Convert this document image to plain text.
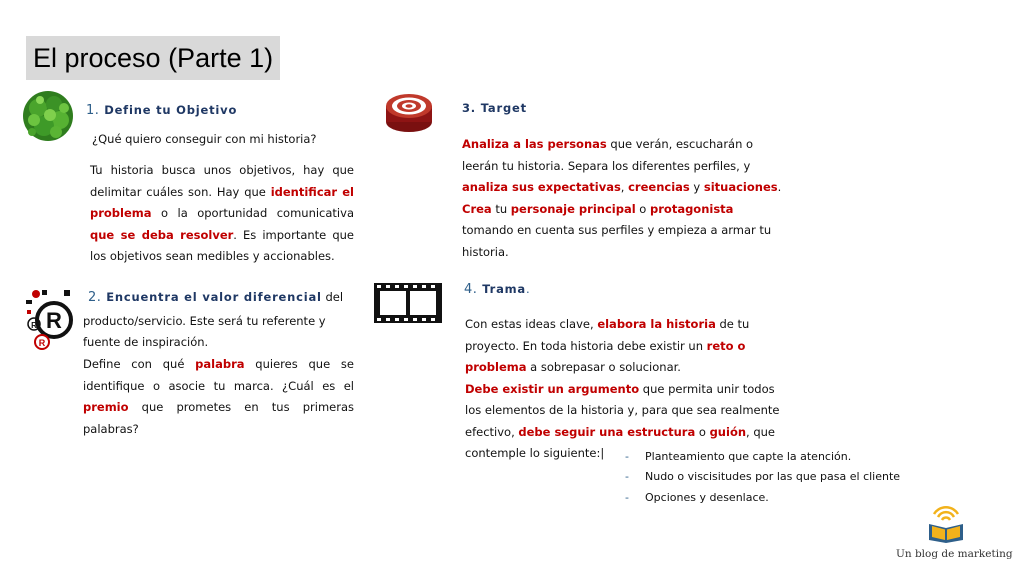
El proceso (Parte 1)
1. Define tu Objetivo
¿Qué quiero conseguir con mi historia?
Tu historia busca unos objetivos, hay que
delimitar cuáles son. Hay que identificar el
problema o la oportunidad comunicativa
que se deba resolver. Es importante que
los objetivos sean medibles y accionables.
R
R
R
2. Encuentra el valor diferencial del
producto/servicio. Este será tu referente y
fuente de inspiración.
Define con qué palabra quieres que se
identifique o asocie tu marca. ¿Cuál es el
premio que prometes en tus primeras
palabras?
3. Target
Analiza a las personas que verán, escucharán o
leerán tu historia. Separa los diferentes perfiles, y
analiza sus expectativas, creencias y situaciones.
Crea tu personaje principal o protagonista
tomando en cuenta sus perfiles y empieza a armar tu
historia.
4. Trama.
Con estas ideas clave, elabora la historia de tu
proyecto. En toda historia debe existir un reto o
problema a sobrepasar o solucionar.
Debe existir un argumento que permita unir todos
los elementos de la historia y, para que sea realmente
efectivo, debe seguir una estructura o guión, que
contemple lo siguiente:|	- Planteamiento que capte la atención.
- Nudo o viscisitudes por las que pasa el cliente
- Opciones y desenlace.
Un blog de marketing
